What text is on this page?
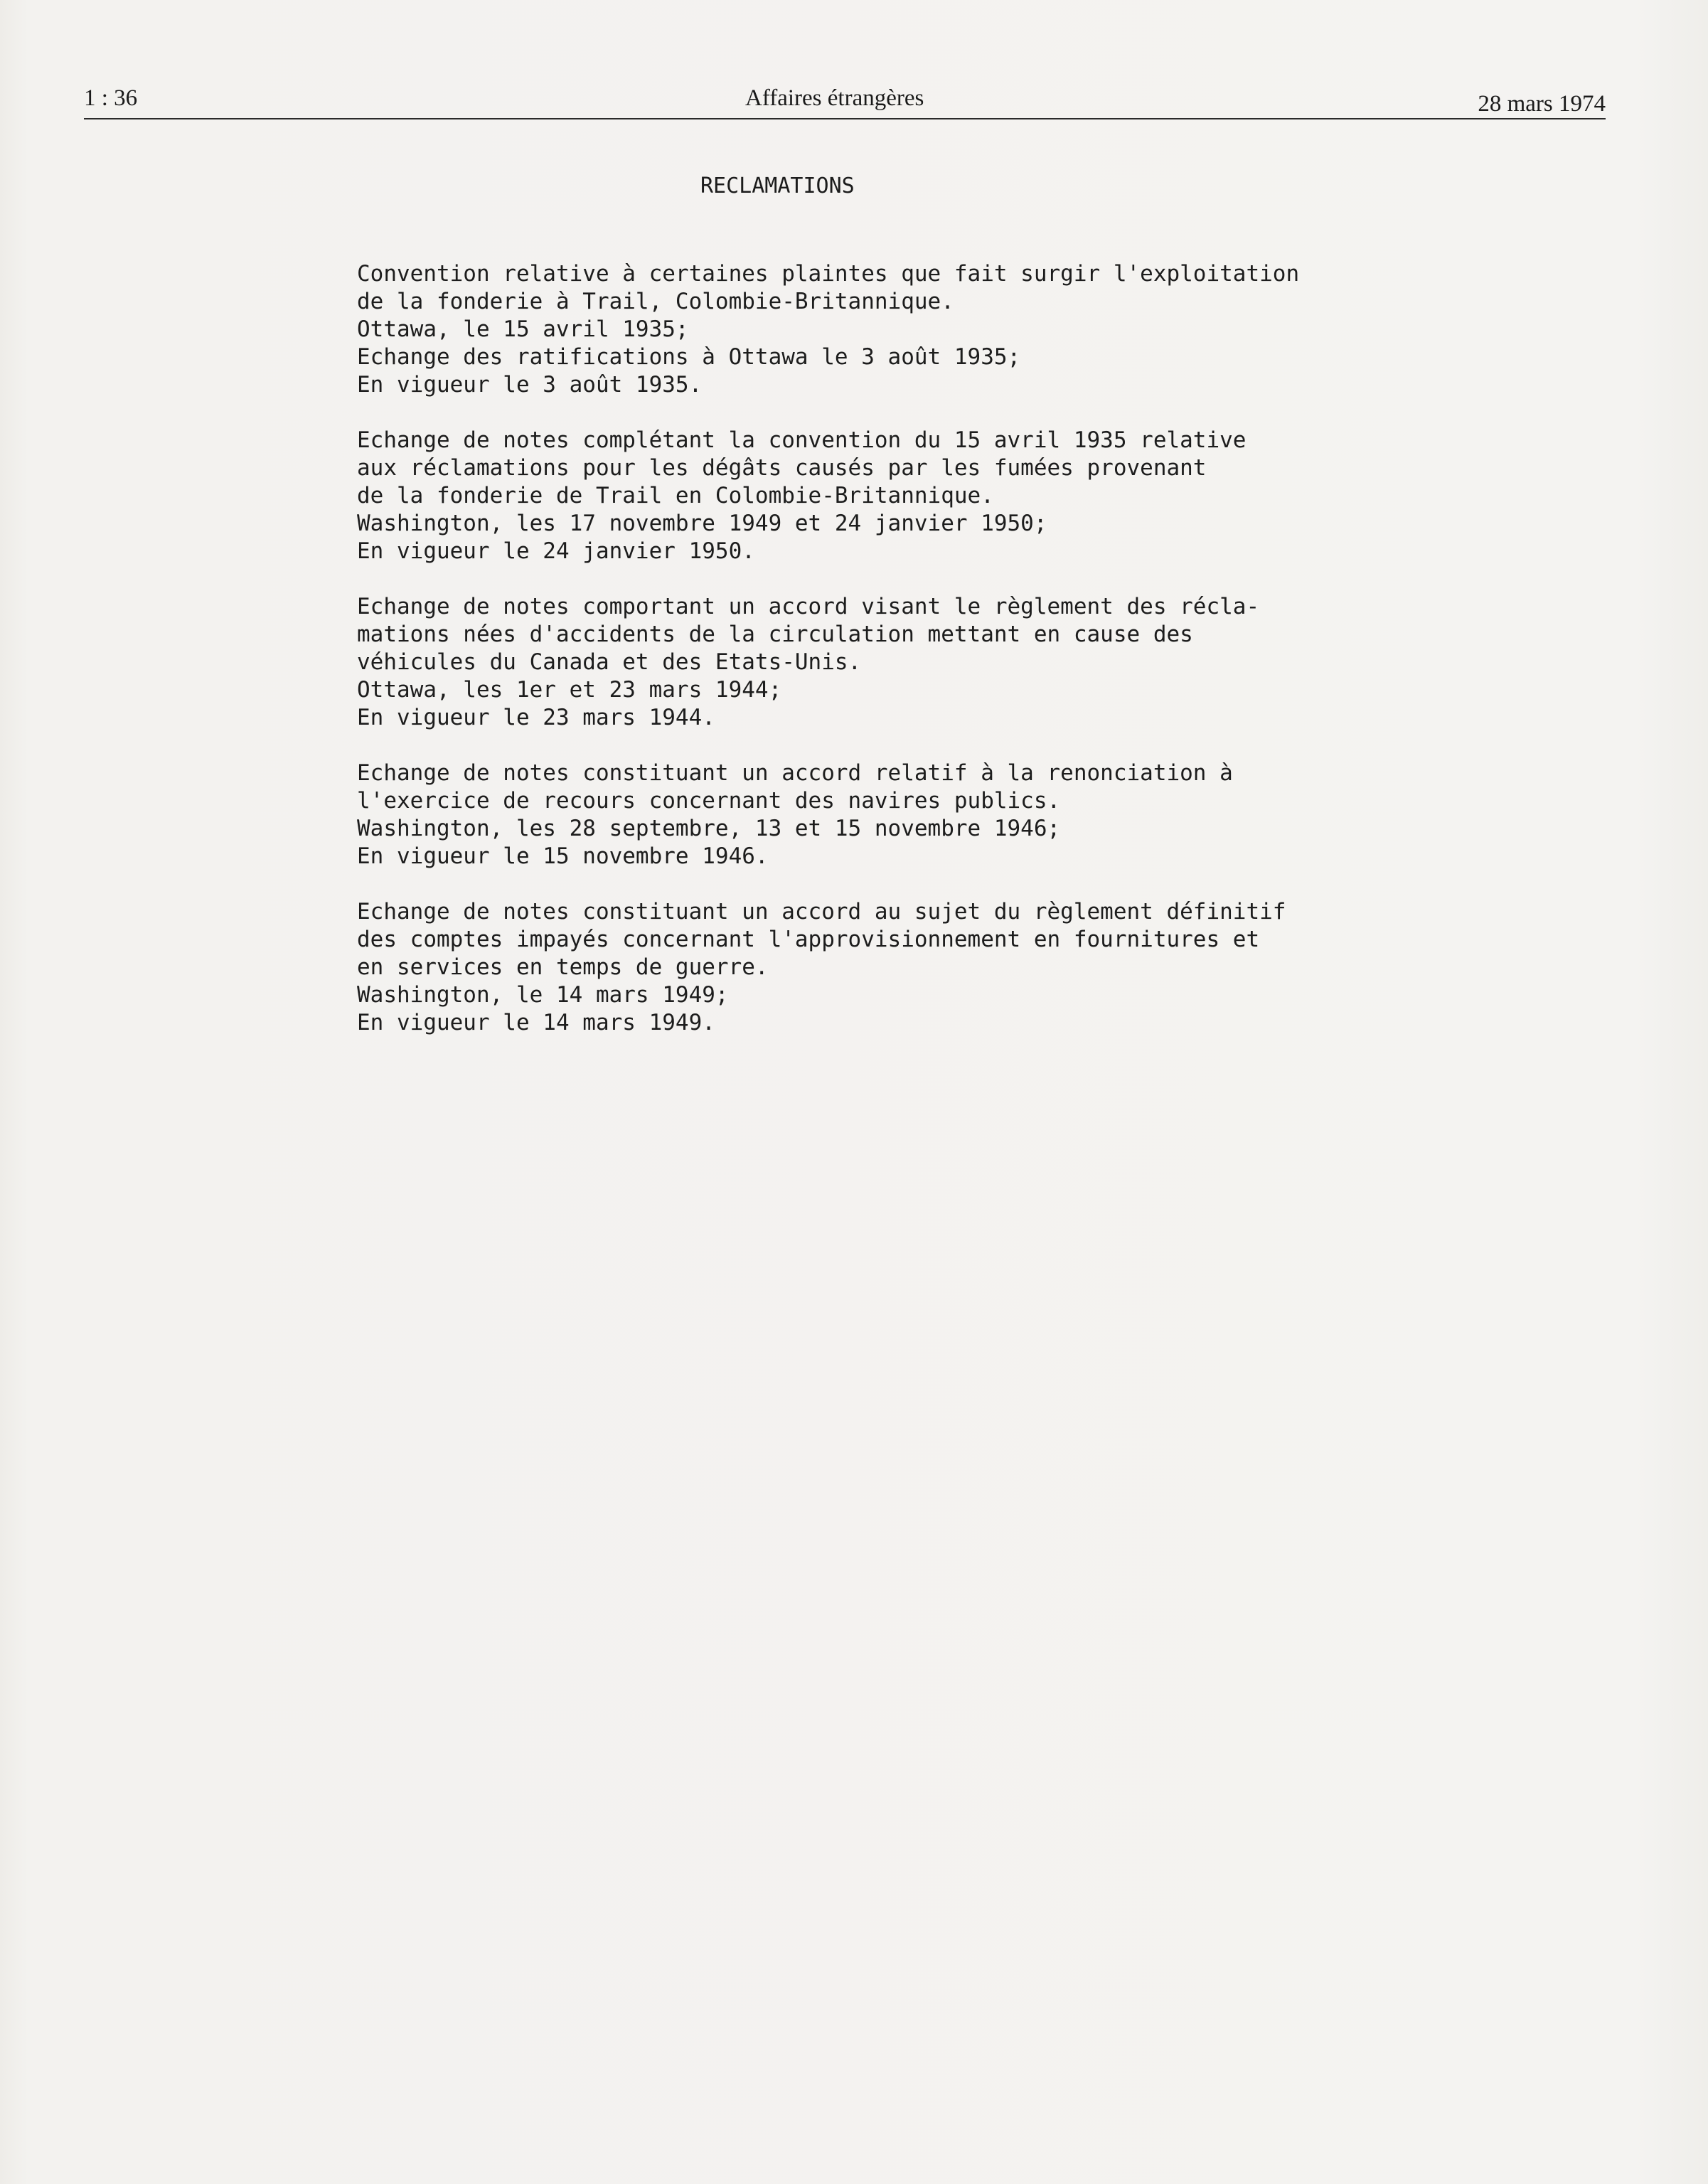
1 : 36	Affaires étrangères	28 mars 1974
RECLAMATIONS
Convention relative à certaines plaintes que fait surgir l'exploitation
de la fonderie à Trail, Colombie-Britannique.
Ottawa, le 15 avril 1935;
Echange des ratifications à Ottawa le 3 août 1935;
En vigueur le 3 août 1935.
Echange de notes complétant la convention du 15 avril 1935 relative
aux réclamations pour les dégâts causés par les fumées provenant
de la fonderie de Trail en Colombie-Britannique.
Washington, les 17 novembre 1949 et 24 janvier 1950;
En vigueur le 24 janvier 1950.
Echange de notes comportant un accord visant le règlement des récla-
mations nées d'accidents de la circulation mettant en cause des
véhicules du Canada et des Etats-Unis.
Ottawa, les 1er et 23 mars 1944;
En vigueur le 23 mars 1944.
Echange de notes constituant un accord relatif à la renonciation à
l'exercice de recours concernant des navires publics.
Washington, les 28 septembre, 13 et 15 novembre 1946;
En vigueur le 15 novembre 1946.
Echange de notes constituant un accord au sujet du règlement définitif
des comptes impayés concernant l'approvisionnement en fournitures et
en services en temps de guerre.
Washington, le 14 mars 1949;
En vigueur le 14 mars 1949.
